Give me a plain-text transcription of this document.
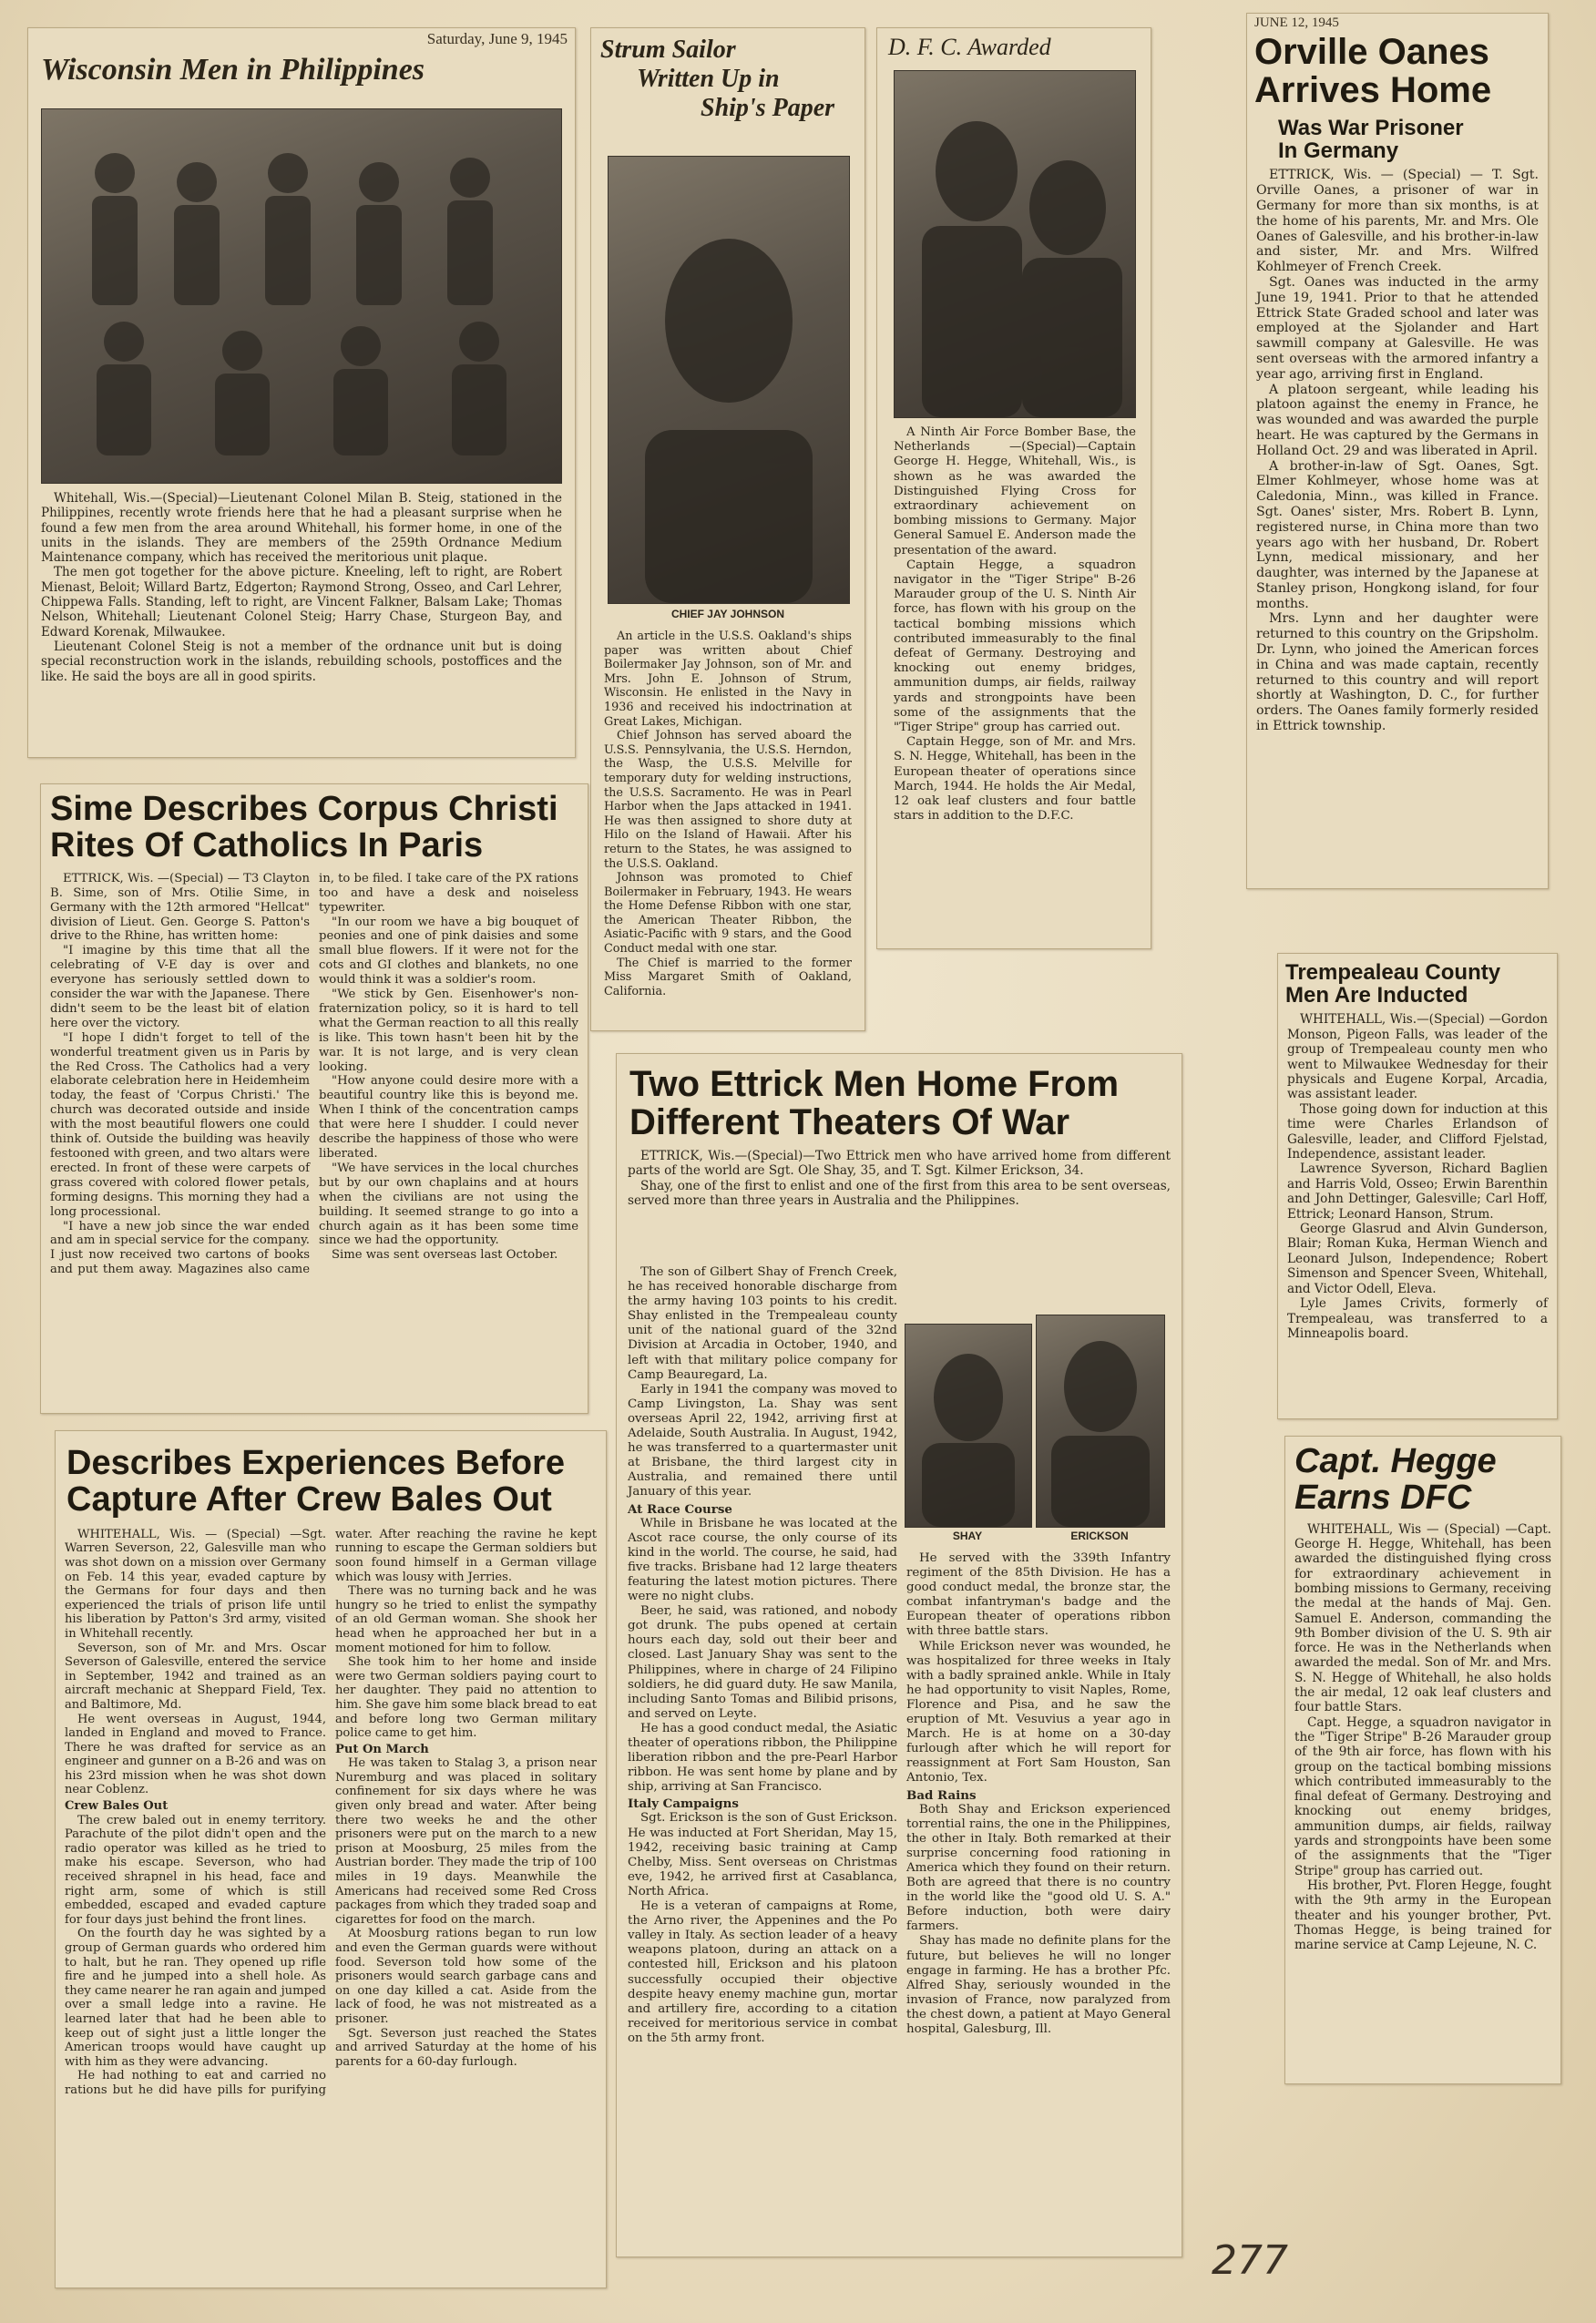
Saturday, June 9, 1945
Wisconsin Men in Philippines

Whitehall, Wis.—(Special)—Lieutenant Colonel Milan B. Steig, stationed in the Philippines, recently wrote friends here that he had a pleasant surprise when he found a few men from the area around Whitehall, his former home, in one of the units in the islands. They are members of the 259th Ordnance Medium Maintenance company, which has received the meritorious unit plaque.

The men got together for the above picture. Kneeling, left to right, are Robert Mienast, Beloit; Willard Bartz, Edgerton; Raymond Strong, Osseo, and Carl Lehrer, Chippewa Falls. Standing, left to right, are Vincent Falkner, Balsam Lake; Thomas Nelson, Whitehall; Lieutenant Colonel Steig; Harry Chase, Sturgeon Bay, and Edward Korenak, Milwaukee.

Lieutenant Colonel Steig is not a member of the ordnance unit but is doing special reconstruction work in the islands, rebuilding schools, postoffices and the like. He said the boys are all in good spirits.

Strum Sailor
Written Up in
Ship's Paper
CHIEF JAY JOHNSON

An article in the U.S.S. Oakland's ships paper was written about Chief Boilermaker Jay Johnson, son of Mr. and Mrs. John E. Johnson of Strum, Wisconsin. He enlisted in the Navy in 1936 and received his indoctrination at Great Lakes, Michigan.

Chief Johnson has served aboard the U.S.S. Pennsylvania, the U.S.S. Herndon, the Wasp, the U.S.S. Melville for temporary duty for welding instructions, the U.S.S. Sacramento. He was in Pearl Harbor when the Japs attacked in 1941. He was then assigned to shore duty at Hilo on the Island of Hawaii. After his return to the States, he was assigned to the U.S.S. Oakland.

Johnson was promoted to Chief Boilermaker in February, 1943. He wears the Home Defense Ribbon with one star, the American Theater Ribbon, the Asiatic-Pacific with 9 stars, and the Good Conduct medal with one star.

The Chief is married to the former Miss Margaret Smith of Oakland, California.

D. F. C. Awarded

A Ninth Air Force Bomber Base, the Netherlands —(Special)—Captain George H. Hegge, Whitehall, Wis., is shown as he was awarded the Distinguished Flying Cross for extraordinary achievement on bombing missions to Germany. Major General Samuel E. Anderson made the presentation of the award.

Captain Hegge, a squadron navigator in the "Tiger Stripe" B-26 Marauder group of the U. S. Ninth Air force, has flown with his group on the tactical bombing missions which contributed immeasurably to the final defeat of Germany. Destroying and knocking out enemy bridges, ammunition dumps, air fields, railway yards and strongpoints have been some of the assignments that the "Tiger Stripe" group has carried out.

Captain Hegge, son of Mr. and Mrs. S. N. Hegge, Whitehall, has been in the European theater of operations since March, 1944. He holds the Air Medal, 12 oak leaf clusters and four battle stars in addition to the D.F.C.

JUNE 12, 1945
Orville Oanes
Arrives Home
Was War Prisoner
In Germany

ETTRICK, Wis. — (Special) — T. Sgt. Orville Oanes, a prisoner of war in Germany for more than six months, is at the home of his parents, Mr. and Mrs. Ole Oanes of Galesville, and his brother-in-law and sister, Mr. and Mrs. Wilfred Kohlmeyer of French Creek.

Sgt. Oanes was inducted in the army June 19, 1941. Prior to that he attended Ettrick State Graded school and later was employed at the Sjolander and Hart sawmill company at Galesville. He was sent overseas with the armored infantry a year ago, arriving first in England.

A platoon sergeant, while leading his platoon against the enemy in France, he was wounded and was awarded the purple heart. He was captured by the Germans in Holland Oct. 29 and was liberated in April.

A brother-in-law of Sgt. Oanes, Sgt. Elmer Kohlmeyer, whose home was at Caledonia, Minn., was killed in France. Sgt. Oanes' sister, Mrs. Robert B. Lynn, registered nurse, in China more than two years ago with her husband, Dr. Robert Lynn, medical missionary, and her daughter, was interned by the Japanese at Stanley prison, Hongkong island, for four months.

Mrs. Lynn and her daughter were returned to this country on the Gripsholm. Dr. Lynn, who joined the American forces in China and was made captain, recently returned to this country and will report shortly at Washington, D. C., for further orders. The Oanes family formerly resided in Ettrick township.

Sime Describes Corpus Christi
Rites Of Catholics In Paris

ETTRICK, Wis. —(Special) — T3 Clayton B. Sime, son of Mrs. Otilie Sime, in Germany with the 12th armored "Hellcat" division of Lieut. Gen. George S. Patton's drive to the Rhine, has written home:

"I imagine by this time that all the celebrating of V-E day is over and everyone has seriously settled down to consider the war with the Japanese. There didn't seem to be the least bit of elation here over the victory.

"I hope I didn't forget to tell of the wonderful treatment given us in Paris by the Red Cross. The Catholics had a very elaborate celebration here in Heidemheim today, the feast of 'Corpus Christi.' The church was decorated outside and inside with the most beautiful flowers one could think of. Outside the building was heavily festooned with green, and two altars were erected. In front of these were carpets of grass covered with colored flower petals, forming designs. This morning they had a long processional.

"I have a new job since the war ended and am in special service for the company. I just now received two cartons of books and put them away. Magazines also came in, to be filed. I take care of the PX rations too and have a desk and noiseless typewriter.

"In our room we have a big bouquet of peonies and one of pink daisies and some small blue flowers. If it were not for the cots and GI clothes and blankets, no one would think it was a soldier's room.

"We stick by Gen. Eisenhower's non-fraternization policy, so it is hard to tell what the German reaction to all this really is like. This town hasn't been hit by the war. It is not large, and is very clean looking.

"How anyone could desire more with a beautiful country like this is beyond me. When I think of the concentration camps that were here I shudder. I could never describe the happiness of those who were liberated.

"We have services in the local churches but by our own chaplains and at hours when the civilians are not using the building. It seemed strange to go into a church again as it has been some time since we had the opportunity.

Sime was sent overseas last October.

Two Ettrick Men Home From
Different Theaters Of War

ETTRICK, Wis.—(Special)—Two Ettrick men who have arrived home from different parts of the world are Sgt. Ole Shay, 35, and T. Sgt. Kilmer Erickson, 34.

Shay, one of the first to enlist and one of the first from this area to be sent overseas, served more than three years in Australia and the Philippines.

SHAY	ERICKSON

The son of Gilbert Shay of French Creek, he has received honorable discharge from the army having 103 points to his credit. Shay enlisted in the Trempealeau county unit of the national guard of the 32nd Division at Arcadia in October, 1940, and left with that military police company for Camp Beauregard, La.

Early in 1941 the company was moved to Camp Livingston, La. Shay was sent overseas April 22, 1942, arriving first at Adelaide, South Australia. In August, 1942, he was transferred to a quartermaster unit at Brisbane, the third largest city in Australia, and remained there until January of this year.

At Race Course

While in Brisbane he was located at the Ascot race course, the only course of its kind in the world. The course, he said, had five tracks. Brisbane had 12 large theaters featuring the latest motion pictures. There were no night clubs.

Beer, he said, was rationed, and nobody got drunk. The pubs opened at certain hours each day, sold out their beer and closed. Last January Shay was sent to the Philippines, where in charge of 24 Filipino soldiers, he did guard duty. He saw Manila, including Santo Tomas and Bilibid prisons, and served on Leyte.

He has a good conduct medal, the Asiatic theater of operations ribbon, the Philippine liberation ribbon and the pre-Pearl Harbor ribbon. He was sent home by plane and by ship, arriving at San Francisco.

Italy Campaigns

Sgt. Erickson is the son of Gust Erickson. He was inducted at Fort Sheridan, May 15, 1942, receiving basic training at Camp Chelby, Miss. Sent overseas on Christmas eve, 1942, he arrived first at Casablanca, North Africa.

He is a veteran of campaigns at Rome, the Arno river, the Appenines and the Po valley in Italy. As section leader of a heavy weapons platoon, during an attack on a contested hill, Erickson and his platoon successfully occupied their objective despite heavy enemy machine gun, mortar and artillery fire, according to a citation received for meritorious service in combat on the 5th army front.

He served with the 339th Infantry regiment of the 85th Division. He has a good conduct medal, the bronze star, the combat infantryman's badge and the European theater of operations ribbon with three battle stars.

While Erickson never was wounded, he was hospitalized for three weeks in Italy with a badly sprained ankle. While in Italy he had opportunity to visit Naples, Rome, Florence and Pisa, and he saw the eruption of Mt. Vesuvius a year ago in March. He is at home on a 30-day furlough after which he will report for reassignment at Fort Sam Houston, San Antonio, Tex.

Bad Rains

Both Shay and Erickson experienced torrential rains, the one in the Philippines, the other in Italy. Both remarked at their surprise concerning food rationing in America which they found on their return. Both are agreed that there is no country in the world like the "good old U. S. A." Before induction, both were dairy farmers.

Shay has made no definite plans for the future, but believes he will no longer engage in farming. He has a brother Pfc. Alfred Shay, seriously wounded in the invasion of France, now paralyzed from the chest down, a patient at Mayo General hospital, Galesburg, Ill.

Trempealeau County
Men Are Inducted

WHITEHALL, Wis.—(Special) —Gordon Monson, Pigeon Falls, was leader of the group of Trempealeau county men who went to Milwaukee Wednesday for their physicals and Eugene Korpal, Arcadia, was assistant leader.

Those going down for induction at this time were Charles Erlandson of Galesville, leader, and Clifford Fjelstad, Independence, assistant leader.

Lawrence Syverson, Richard Baglien and Harris Vold, Osseo; Erwin Barenthin and John Dettinger, Galesville; Carl Hoff, Ettrick; Leonard Hanson, Strum.

George Glasrud and Alvin Gunderson, Blair; Roman Kuka, Herman Wiench and Leonard Julson, Independence; Robert Simenson and Spencer Sveen, Whitehall, and Victor Odell, Eleva.

Lyle James Crivits, formerly of Trempealeau, was transferred to a Minneapolis board.

Describes Experiences Before
Capture After Crew Bales Out

WHITEHALL, Wis. — (Special) —Sgt. Warren Severson, 22, Galesville man who was shot down on a mission over Germany on Feb. 14 this year, evaded capture by the Germans for four days and then experienced the trials of prison life until his liberation by Patton's 3rd army, visited in Whitehall recently.

Severson, son of Mr. and Mrs. Oscar Severson of Galesville, entered the service in September, 1942 and trained as an aircraft mechanic at Sheppard Field, Tex. and Baltimore, Md.

He went overseas in August, 1944, landed in England and moved to France. There he was drafted for service as an engineer and gunner on a B-26 and was on his 23rd mission when he was shot down near Coblenz.

Crew Bales Out

The crew baled out in enemy territory. Parachute of the pilot didn't open and the radio operator was killed as he tried to make his escape. Severson, who had received shrapnel in his head, face and right arm, some of which is still embedded, escaped and evaded capture for four days just behind the front lines.

On the fourth day he was sighted by a group of German guards who ordered him to halt, but he ran. They opened up rifle fire and he jumped into a shell hole. As they came nearer he ran again and jumped over a small ledge into a ravine. He learned later that had he been able to keep out of sight just a little longer the American troops would have caught up with him as they were advancing.

He had nothing to eat and carried no rations but he did have pills for purifying water. After reaching the ravine he kept running to escape the German soldiers but soon found himself in a German village which was lousy with Jerries.

There was no turning back and he was hungry so he tried to enlist the sympathy of an old German woman. She shook her head when he approached her but in a moment motioned for him to follow.

She took him to her home and inside were two German soldiers paying court to her daughter. They paid no attention to him. She gave him some black bread to eat and before long two German military police came to get him.

Put On March

He was taken to Stalag 3, a prison near Nuremburg and was placed in solitary confinement for six days where he was given only bread and water. After being there two weeks he and the other prisoners were put on the march to a new prison at Moosburg, 25 miles from the Austrian border. They made the trip of 100 miles in 19 days. Meanwhile the Americans had received some Red Cross packages from which they traded soap and cigarettes for food on the march.

At Moosburg rations began to run low and even the German guards were without food. Severson told how some of the prisoners would search garbage cans and on one day killed a cat. Aside from the lack of food, he was not mistreated as a prisoner.

Sgt. Severson just reached the States and arrived Saturday at the home of his parents for a 60-day furlough.

Capt. Hegge
Earns DFC

WHITEHALL, Wis — (Special) —Capt. George H. Hegge, Whitehall, has been awarded the distinguished flying cross for extraordinary achievement in bombing missions to Germany, receiving the medal at the hands of Maj. Gen. Samuel E. Anderson, commanding the 9th Bomber division of the U. S. 9th air force. He was in the Netherlands when awarded the medal. Son of Mr. and Mrs. S. N. Hegge of Whitehall, he also holds the air medal, 12 oak leaf clusters and four battle Stars.

Capt. Hegge, a squadron navigator in the "Tiger Stripe" B-26 Marauder group of the 9th air force, has flown with his group on the tactical bombing missions which contributed immeasurably to the final defeat of Germany. Destroying and knocking out enemy bridges, ammunition dumps, air fields, railway yards and strongpoints have been some of the assignments that the "Tiger Stripe" group has carried out.

His brother, Pvt. Floren Hegge, fought with the 9th army in the European theater and his younger brother, Pvt. Thomas Hegge, is being trained for marine service at Camp Lejeune, N. C.

277
